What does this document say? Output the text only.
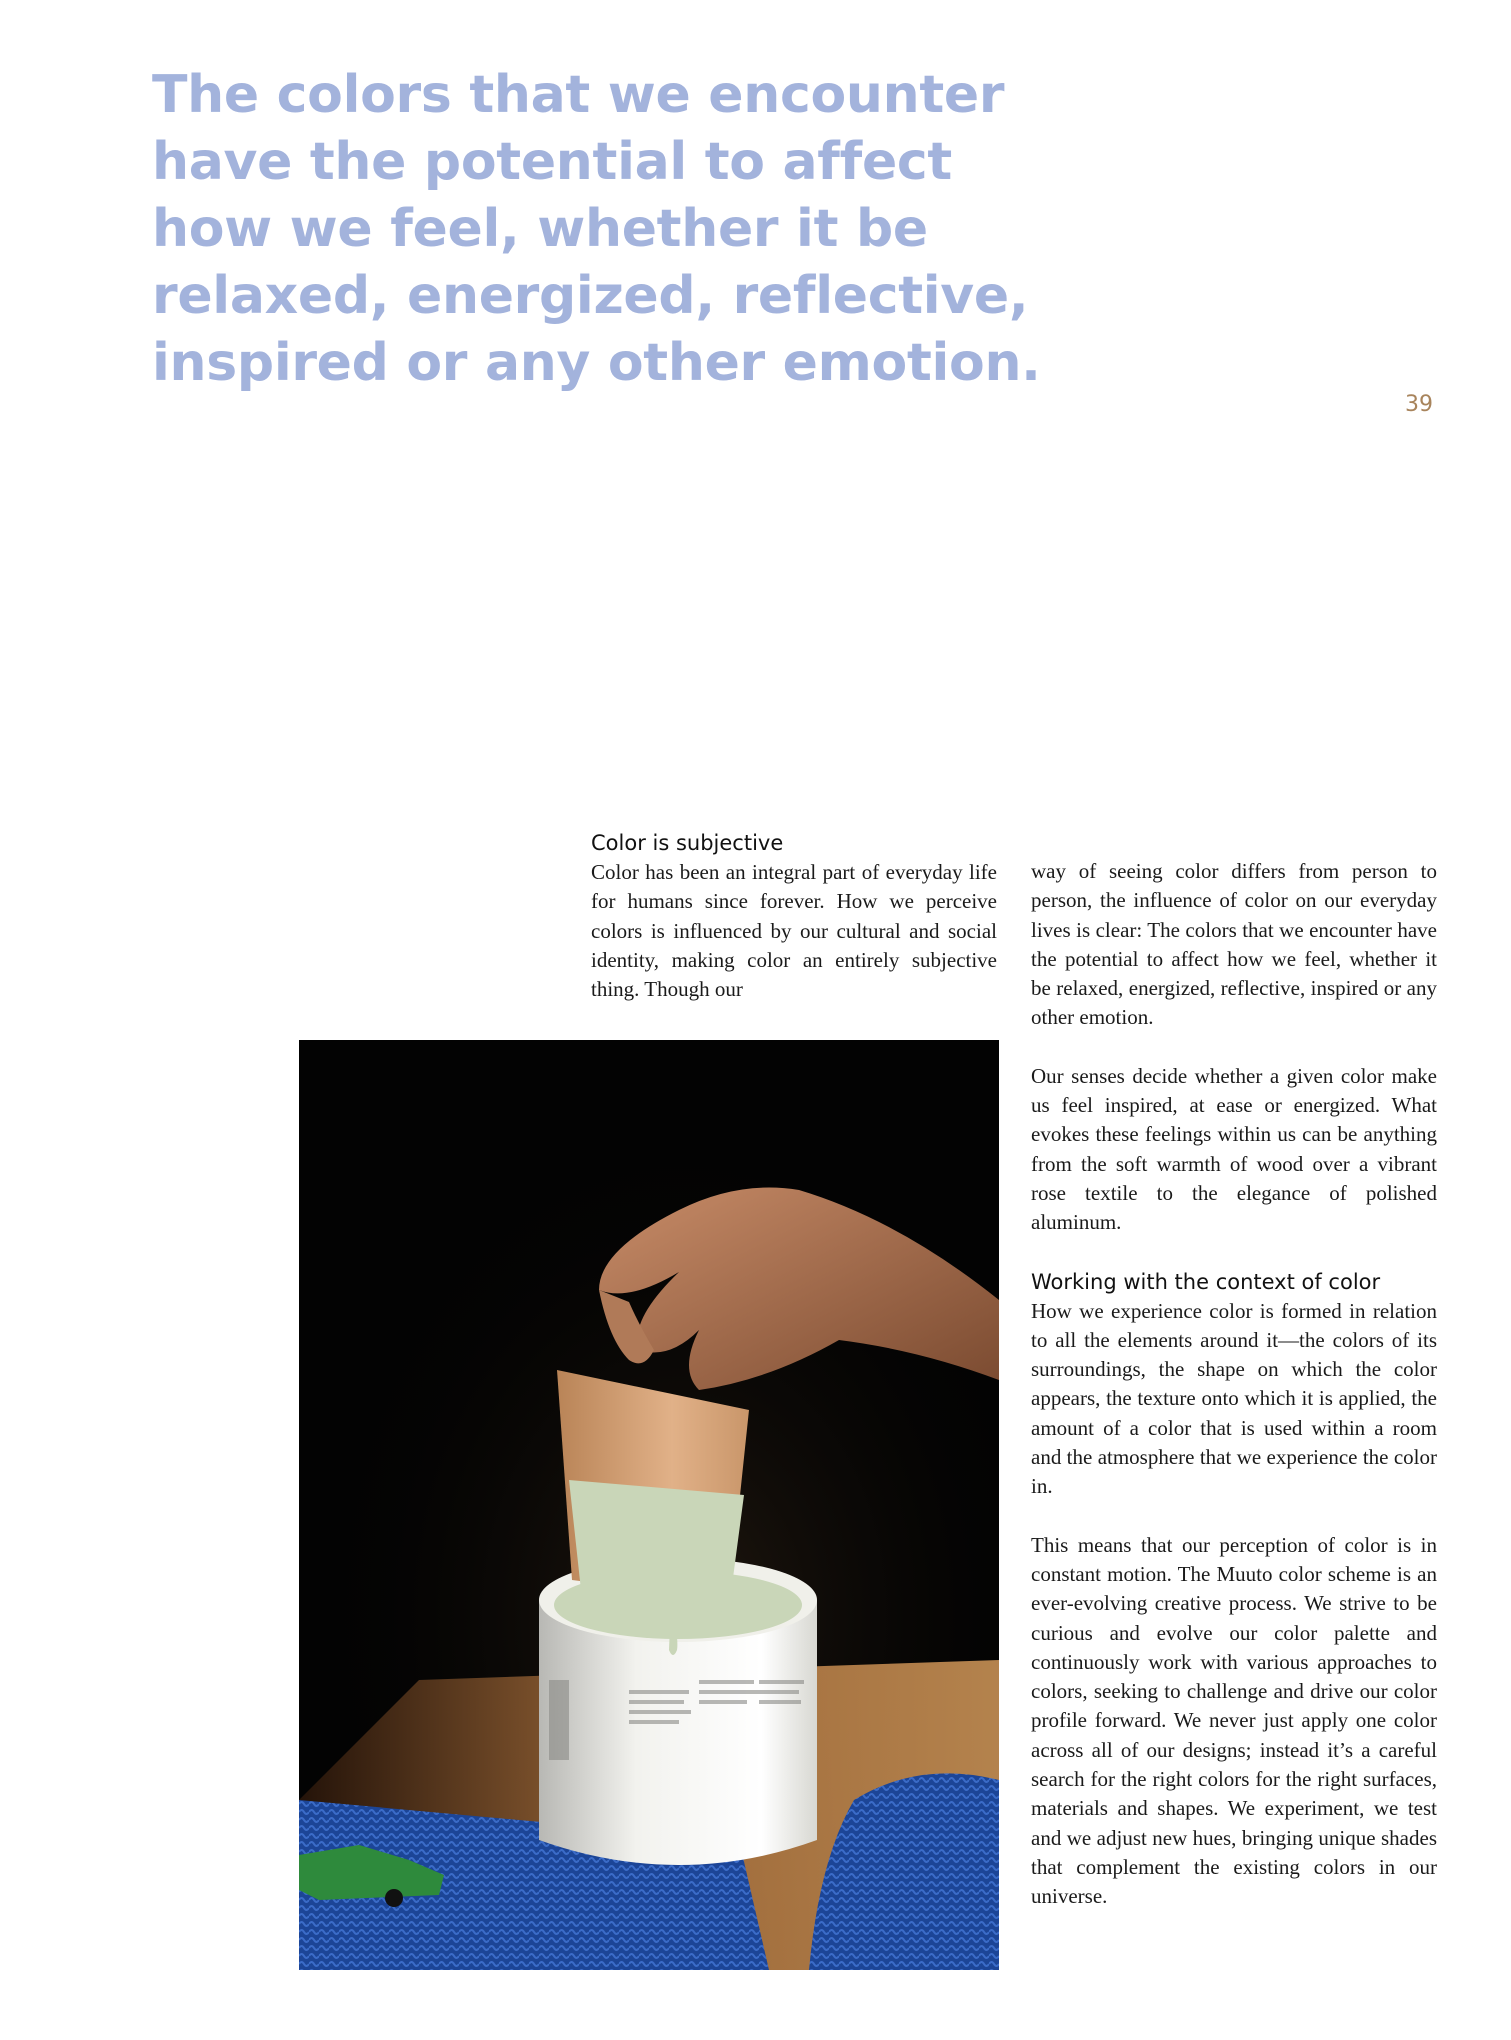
The colors that we encounter have the potential to affect how we feel, whether it be relaxed, energized, reflective, inspired or any other emotion.
39
Color is subjective

Color has been an integral part of everyday life for humans since forever. How we perceive colors is influenced by our cultural and social identity, making color an entirely subjective thing. Though our

way of seeing color differs from person to person, the influence of color on our everyday lives is clear: The colors that we encounter have the potential to affect how we feel, whether it be relaxed, energized, reflective, inspired or any other emotion.

Our senses decide whether a given color make us feel inspired, at ease or energized. What evokes these feelings within us can be anything from the soft warmth of wood over a vibrant rose textile to the elegance of polished aluminum.

Working with the context of color

How we experience color is formed in relation to all the elements around it—the colors of its surroundings, the shape on which the color appears, the texture onto which it is applied, the amount of a color that is used within a room and the atmosphere that we experience the color in.

This means that our perception of color is in constant motion. The Muuto color scheme is an ever-evolving creative process. We strive to be curious and evolve our color palette and continuously work with various approaches to colors, seeking to challenge and drive our color profile forward. We never just apply one color across all of our designs; instead it’s a careful search for the right colors for the right surfaces, materials and shapes. We experiment, we test and we adjust new hues, bringing unique shades that complement the existing colors in our universe.
